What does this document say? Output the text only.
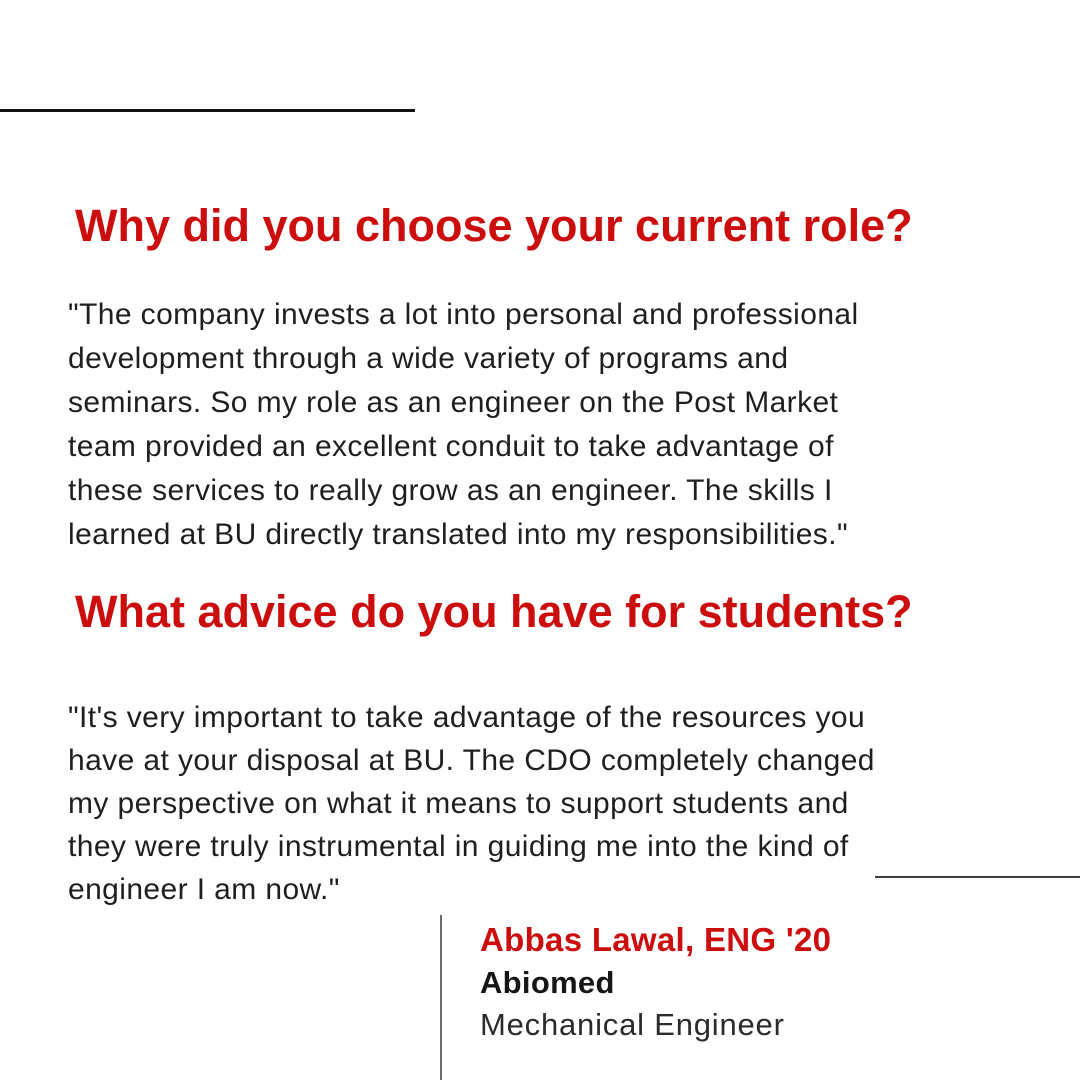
Why did you choose your current role?
"The company invests a lot into personal and professional
development through a wide variety of programs and
seminars. So my role as an engineer on the Post Market
team provided an excellent conduit to take advantage of
these services to really grow as an engineer. The skills I
learned at BU directly translated into my responsibilities."
What advice do you have for students?
"It's very important to take advantage of the resources you
have at your disposal at BU. The CDO completely changed
my perspective on what it means to support students and
they were truly instrumental in guiding me into the kind of
engineer I am now."
Abbas Lawal, ENG '20
Abiomed
Mechanical Engineer
